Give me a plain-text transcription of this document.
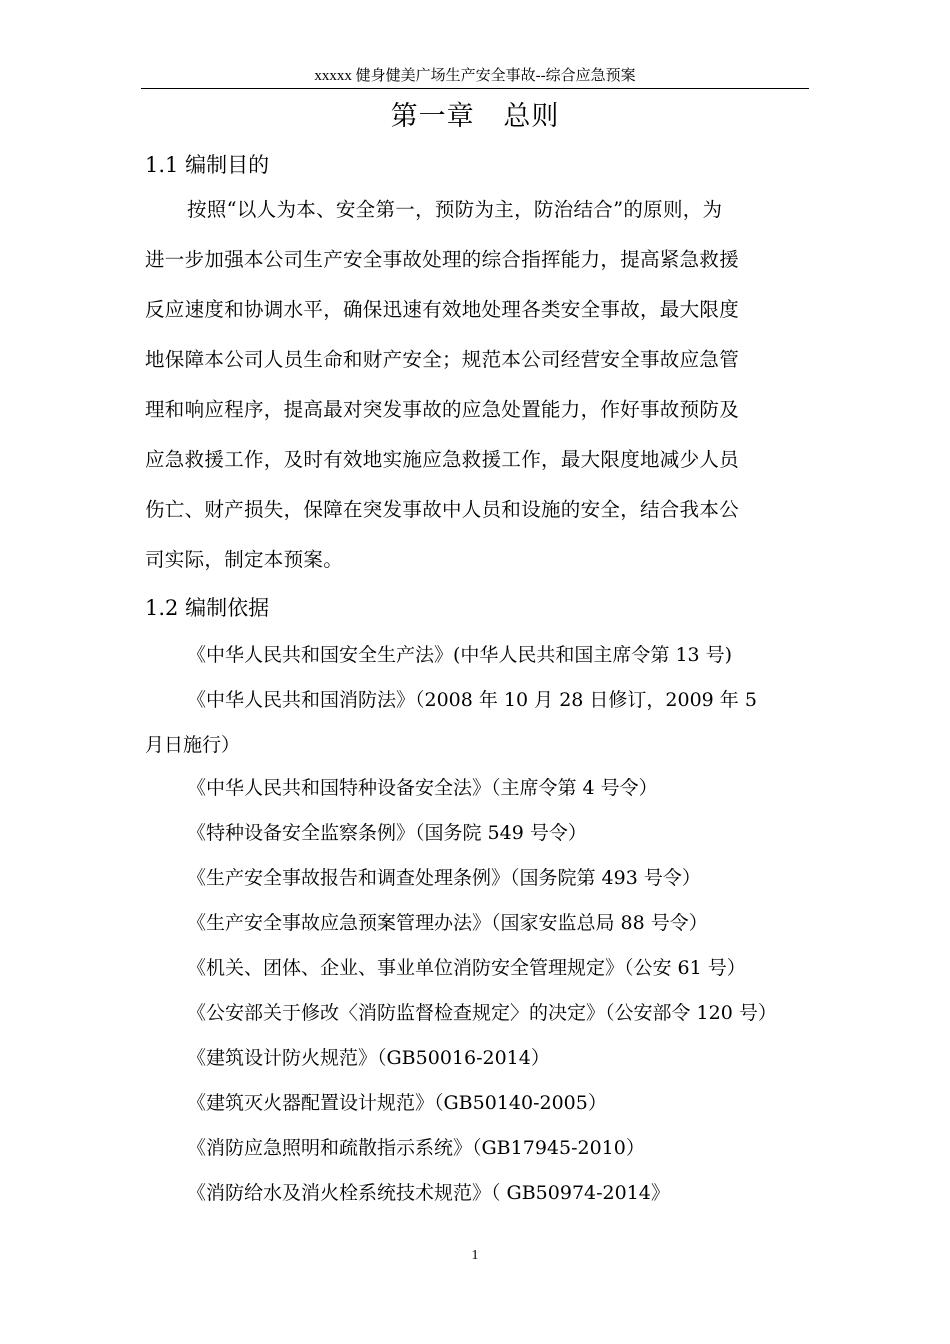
xxxxx 健身健美广场生产安全事故--综合应急预案
第一章   总则
1.1 编制目的
按照“以人为本、安全第一，预防为主，防治结合”的原则，为
进一步加强本公司生产安全事故处理的综合指挥能力，提高紧急救援
反应速度和协调水平，确保迅速有效地处理各类安全事故，最大限度
地保障本公司人员生命和财产安全；规范本公司经营安全事故应急管
理和响应程序，提高最对突发事故的应急处置能力，作好事故预防及
应急救援工作，及时有效地实施应急救援工作，最大限度地减少人员
伤亡、财产损失，保障在突发事故中人员和设施的安全，结合我本公
司实际，制定本预案。
1.2 编制依据
《中华人民共和国安全生产法》(中华人民共和国主席令第 13 号)
《中华人民共和国消防法》（2008 年 10 月 28 日修订，2009 年 5
月日施行）
《中华人民共和国特种设备安全法》（主席令第 4 号令）
《特种设备安全监察条例》（国务院 549 号令）
《生产安全事故报告和调查处理条例》（国务院第 493 号令）
《生产安全事故应急预案管理办法》（国家安监总局 88 号令）
《机关、团体、企业、事业单位消防安全管理规定》（公安 61 号）
《公安部关于修改〈消防监督检查规定〉的决定》（公安部令 120 号）
《建筑设计防火规范》（GB50016-2014）
《建筑灭火器配置设计规范》（GB50140-2005）
《消防应急照明和疏散指示系统》（GB17945-2010）
《消防给水及消火栓系统技术规范》（ GB50974-2014》
1
